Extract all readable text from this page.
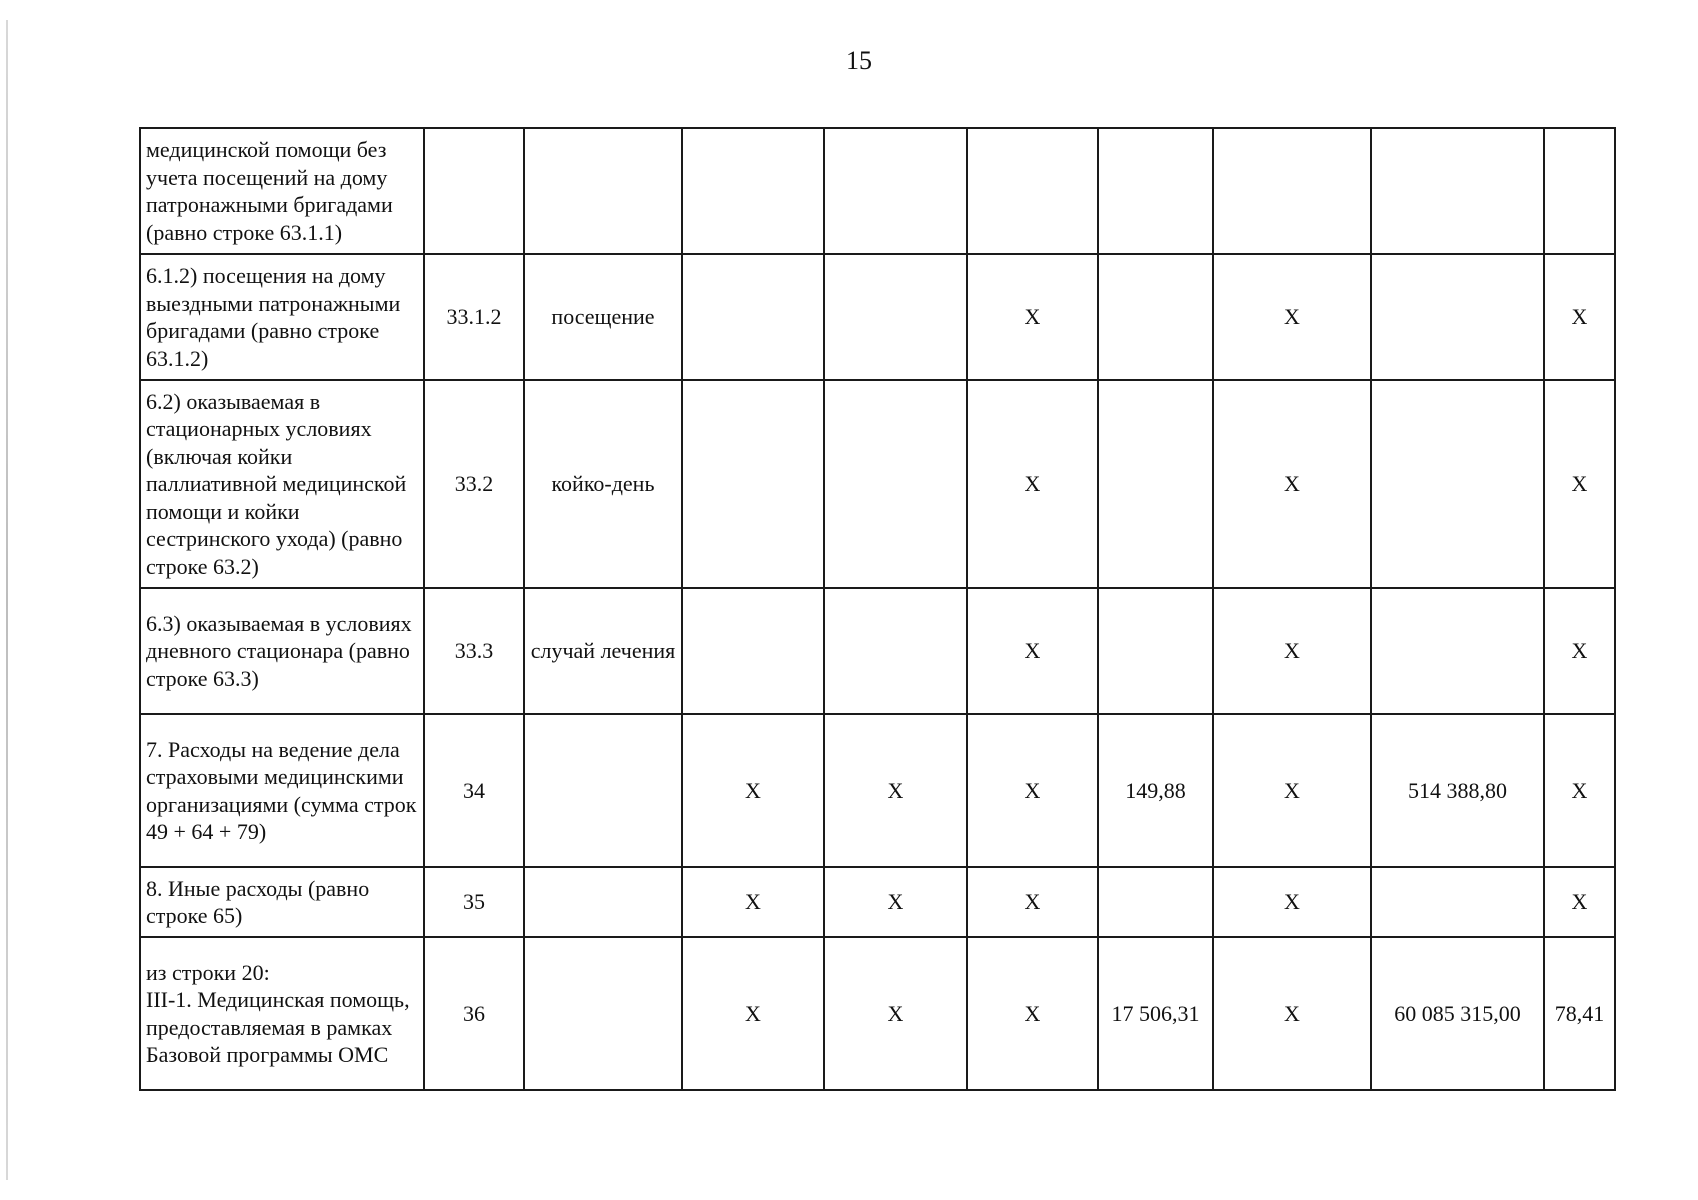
15
медицинской помощи без учета посещений на дому патронажными бригадами (равно строке 63.1.1)									
6.1.2) посещения на дому выездными патронажными бригадами (равно строке 63.1.2)	33.1.2	посещение			X		X		X
6.2) оказываемая в стационарных условиях (включая койки паллиативной медицинской помощи и койки сестринского ухода) (равно строке 63.2)	33.2	койко-день			X		X		X
6.3) оказываемая в условиях дневного стационара (равно строке 63.3)	33.3	случай лечения			X		X		X
7. Расходы на ведение дела страховыми медицинскими организациями (сумма строк 49 + 64 + 79)	34		X	X	X	149,88	X	514 388,80	X
8. Иные расходы (равно строке 65)	35		X	X	X		X		X
из строки 20:
III-1. Медицинская помощь, предоставляемая в рамках Базовой программы ОМС	36		X	X	X	17 506,31	X	60 085 315,00	78,41
